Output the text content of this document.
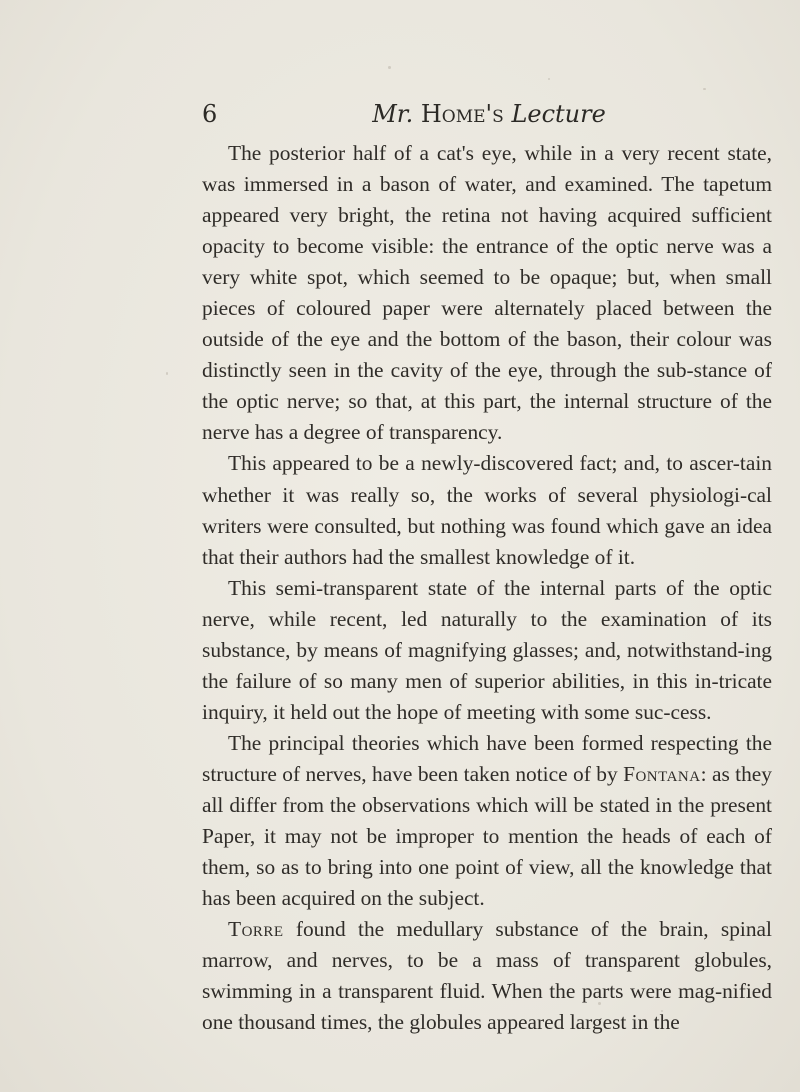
6	Mr. Home's Lecture

The posterior half of a cat's eye, while in a very recent state, was immersed in a bason of water, and examined. The tapetum appeared very bright, the retina not having acquired sufficient opacity to become visible: the entrance of the optic nerve was a very white spot, which seemed to be opaque; but, when small pieces of coloured paper were alternately placed between the outside of the eye and the bottom of the bason, their colour was distinctly seen in the cavity of the eye, through the sub-stance of the optic nerve; so that, at this part, the internal structure of the nerve has a degree of transparency.

This appeared to be a newly-discovered fact; and, to ascer-tain whether it was really so, the works of several physiologi-cal writers were consulted, but nothing was found which gave an idea that their authors had the smallest knowledge of it.

This semi-transparent state of the internal parts of the optic nerve, while recent, led naturally to the examination of its substance, by means of magnifying glasses; and, notwithstand-ing the failure of so many men of superior abilities, in this in-tricate inquiry, it held out the hope of meeting with some suc-cess.

The principal theories which have been formed respecting the structure of nerves, have been taken notice of by Fontana: as they all differ from the observations which will be stated in the present Paper, it may not be improper to mention the heads of each of them, so as to bring into one point of view, all the knowledge that has been acquired on the subject.

Torre found the medullary substance of the brain, spinal marrow, and nerves, to be a mass of transparent globules, swimming in a transparent fluid. When the parts were mag-nified one thousand times, the globules appeared largest in the
